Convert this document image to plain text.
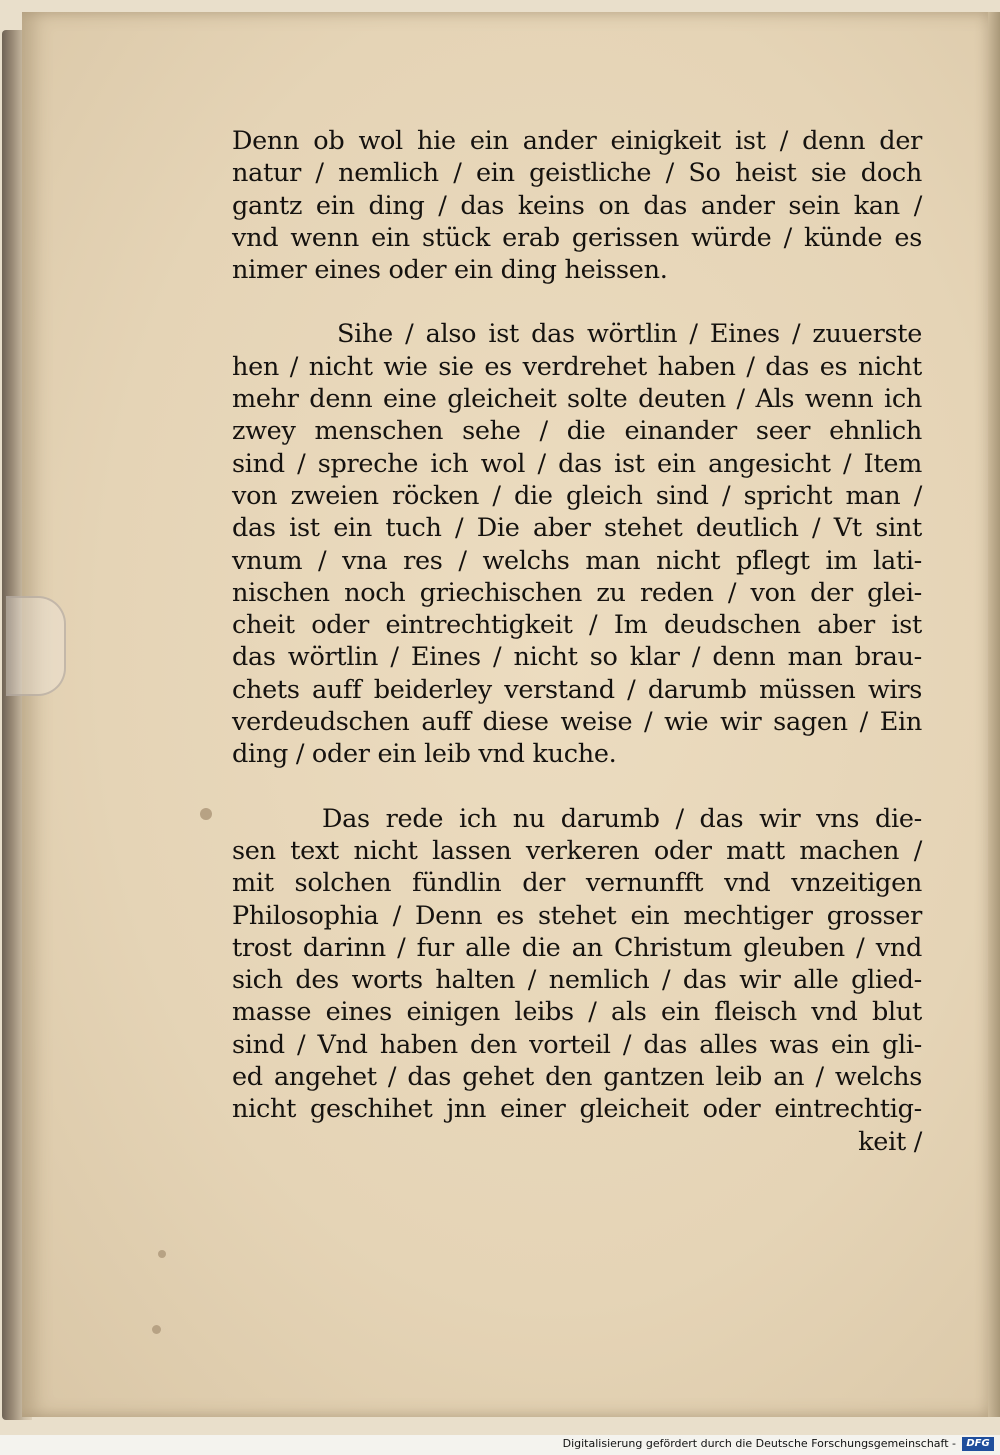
Denn ob wol hie ein ander einigkeit ist / denn der
natur / nemlich / ein geistliche / So heist sie doch
gantz ein ding / das keins on das ander sein kan /
vnd wenn ein stück erab gerissen würde / künde es
nimer eines oder ein ding heissen.

Sihe / also ist das wörtlin / Eines / zuuerste
hen / nicht wie sie es verdrehet haben / das es nicht
mehr denn eine gleicheit solte deuten / Als wenn ich
zwey menschen sehe / die einander seer ehnlich
sind / spreche ich wol / das ist ein angesicht / Item
von zweien röcken / die gleich sind / spricht man /
das ist ein tuch / Die aber stehet deutlich / Vt sint
vnum / vna res / welchs man nicht pflegt im lati-
nischen noch griechischen zu reden / von der glei-
cheit oder eintrechtigkeit / Im deudschen aber ist
das wörtlin / Eines / nicht so klar / denn man brau-
chets auff beiderley verstand / darumb müssen wirs
verdeudschen auff diese weise / wie wir sagen / Ein
ding / oder ein leib vnd kuche.

Das rede ich nu darumb / das wir vns die-
sen text nicht lassen verkeren oder matt machen /
mit solchen fündlin der vernunfft vnd vnzeitigen
Philosophia / Denn es stehet ein mechtiger grosser
trost darinn / fur alle die an Christum gleuben / vnd
sich des worts halten / nemlich / das wir alle glied-
masse eines einigen leibs / als ein fleisch vnd blut
sind / Vnd haben den vorteil / das alles was ein gli-
ed angehet / das gehet den gantzen leib an / welchs
nicht geschihet jnn einer gleicheit oder eintrechtig-
keit /

Digitalisierung gefördert durch die Deutsche Forschungsgemeinschaft -	DFG
